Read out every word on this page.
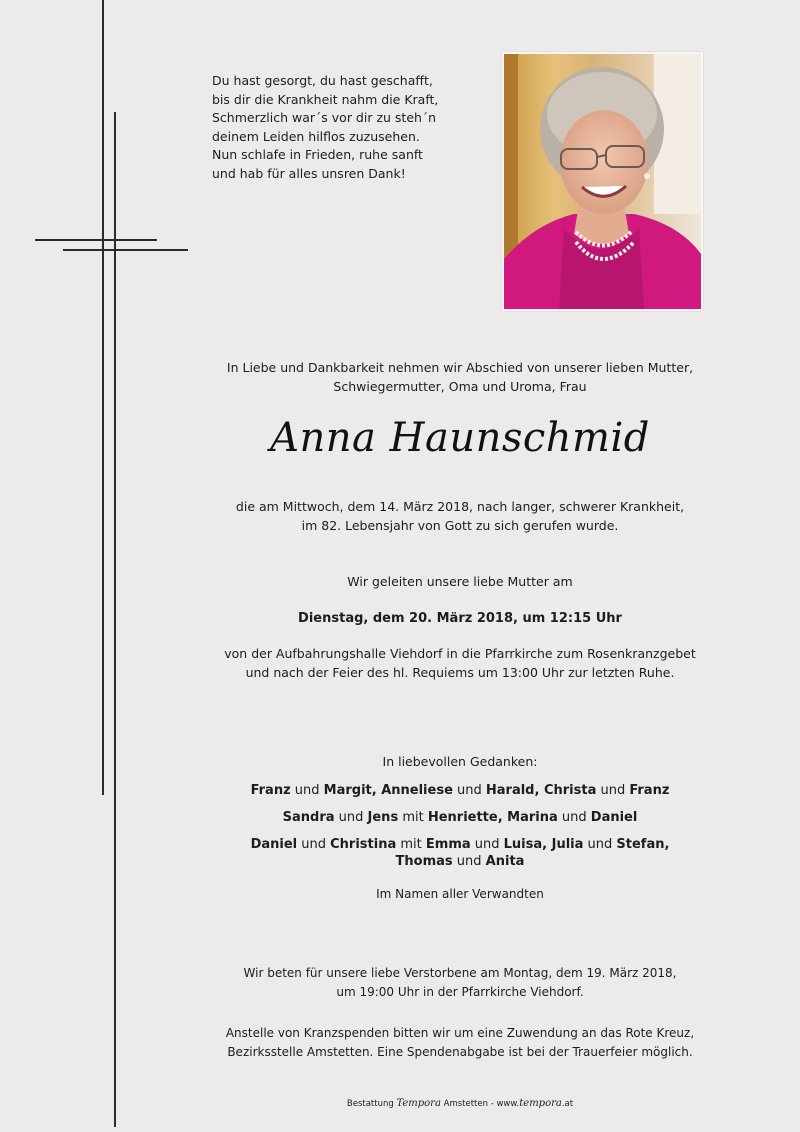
Du hast gesorgt, du hast geschafft,
bis dir die Krankheit nahm die Kraft,
Schmerzlich war´s vor dir zu steh´n
deinem Leiden hilflos zuzusehen.
Nun schlafe in Frieden, ruhe sanft
und hab für alles unsren Dank!
In Liebe und Dankbarkeit nehmen wir Abschied von unserer lieben Mutter,
Schwiegermutter, Oma und Uroma, Frau
Anna Haunschmid
die am Mittwoch, dem 14. März 2018, nach langer, schwerer Krankheit,
im 82. Lebensjahr von Gott zu sich gerufen wurde.
Wir geleiten unsere liebe Mutter am
Dienstag, dem 20. März 2018, um 12:15 Uhr
von der Aufbahrungshalle Viehdorf in die Pfarrkirche zum Rosenkranzgebet
und nach der Feier des hl. Requiems um 13:00 Uhr zur letzten Ruhe.
In liebevollen Gedanken:
Franz und Margit, Anneliese und Harald, Christa und Franz
Sandra und Jens mit Henriette, Marina und Daniel
Daniel und Christina mit Emma und Luisa, Julia und Stefan,
Thomas und Anita
Im Namen aller Verwandten
Wir beten für unsere liebe Verstorbene am Montag, dem 19. März 2018,
um 19:00 Uhr in der Pfarrkirche Viehdorf.
Anstelle von Kranzspenden bitten wir um eine Zuwendung an das Rote Kreuz,
Bezirksstelle Amstetten. Eine Spendenabgabe ist bei der Trauerfeier möglich.
Bestattung Tempora Amstetten - www.tempora.at
